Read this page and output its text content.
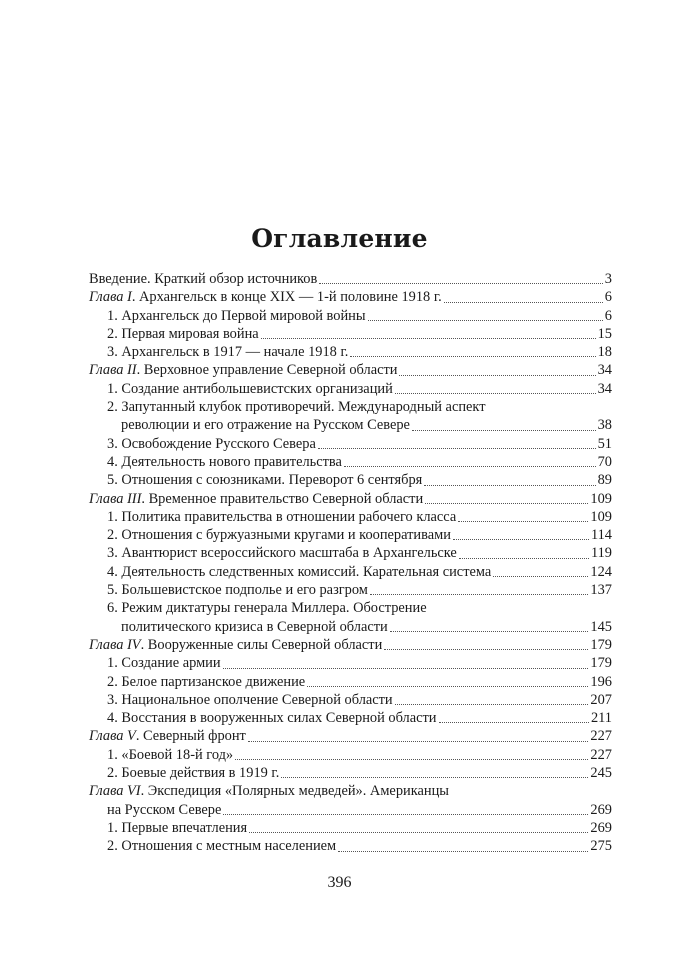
Оглавление
Введение. Краткий обзор источников	3
Глава I. Архангельск в конце XIX — 1-й половине 1918 г.	6
1. Архангельск до Первой мировой войны	6
2. Первая мировая война	15
3. Архангельск в 1917 — начале 1918 г.	18
Глава II. Верховное управление Северной области	34
1. Создание антибольшевистских организаций	34
2. Запутанный клубок противоречий. Международный аспект
революции и его отражение на Русском Севере	38
3. Освобождение Русского Севера	51
4. Деятельность нового правительства	70
5. Отношения с союзниками. Переворот 6 сентября	89
Глава III. Временное правительство Северной области	109
1. Политика правительства в отношении рабочего класса	109
2. Отношения с буржуазными кругами и кооперативами	114
3. Авантюрист всероссийского масштаба в Архангельске	119
4. Деятельность следственных комиссий. Карательная система	124
5. Большевистское подполье и его разгром	137
6. Режим диктатуры генерала Миллера. Обострение
политического кризиса в Северной области	145
Глава IV. Вооруженные силы Северной области	179
1. Создание армии	179
2. Белое партизанское движение	196
3. Национальное ополчение Северной области	207
4. Восстания в вооруженных силах Северной области	211
Глава V. Северный фронт	227
1. «Боевой 18-й год»	227
2. Боевые действия в 1919 г.	245
Глава VI. Экспедиция «Полярных медведей». Американцы
на Русском Севере	269
1. Первые впечатления	269
2. Отношения с местным населением	275
396
